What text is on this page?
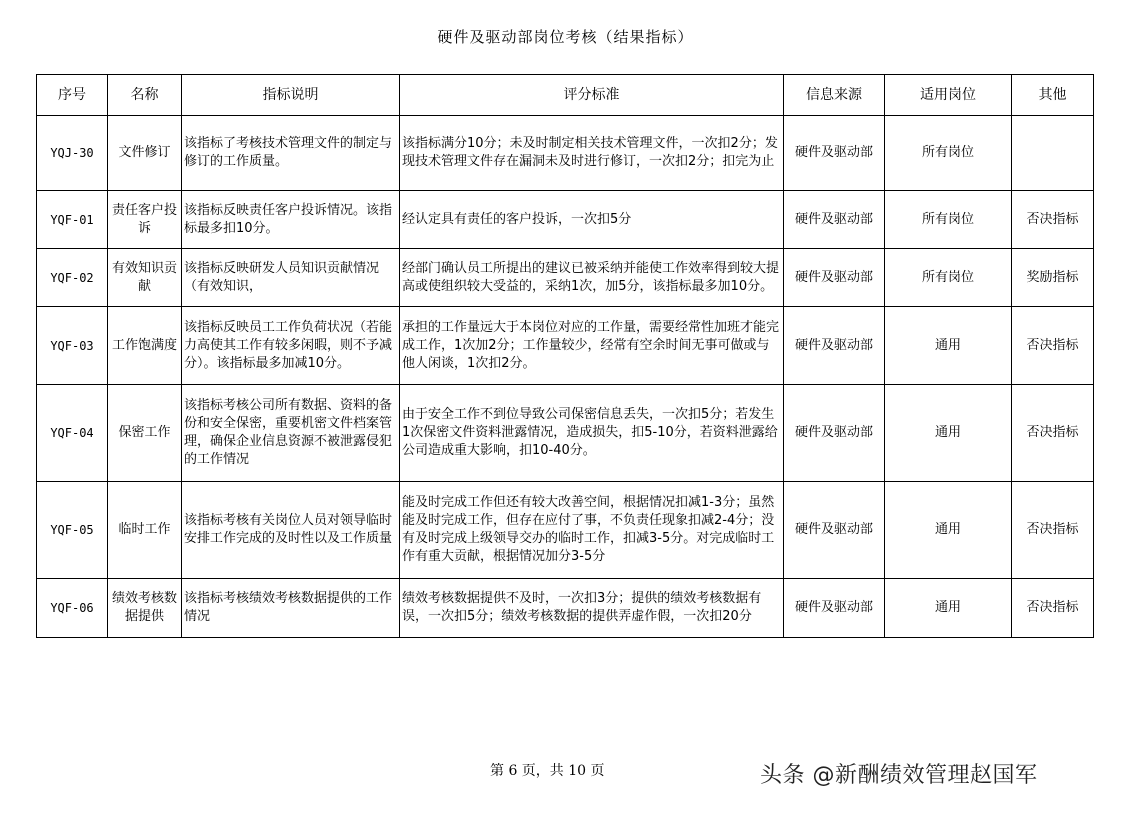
硬件及驱动部岗位考核（结果指标）
序号	名称	指标说明	评分标准	信息来源	适用岗位	其他
YQJ-30	文件修订	该指标了考核技术管理文件的制定与修订的工作质量。	该指标满分10分；未及时制定相关技术管理文件，一次扣2分；发现技术管理文件存在漏洞未及时进行修订，一次扣2分；扣完为止	硬件及驱动部	所有岗位	
YQF-01	责任客户投诉	该指标反映责任客户投诉情况。该指标最多扣10分。	经认定具有责任的客户投诉，一次扣5分	硬件及驱动部	所有岗位	否决指标
YQF-02	有效知识贡献	该指标反映研发人员知识贡献情况（有效知识，	经部门确认员工所提出的建议已被采纳并能使工作效率得到较大提高或使组织较大受益的，采纳1次，加5分，该指标最多加10分。	硬件及驱动部	所有岗位	奖励指标
YQF-03	工作饱满度	该指标反映员工工作负荷状况（若能力高使其工作有较多闲暇，则不予减分）。该指标最多加减10分。	承担的工作量远大于本岗位对应的工作量，需要经常性加班才能完成工作，1次加2分；工作量较少，经常有空余时间无事可做或与他人闲谈，1次扣2分。	硬件及驱动部	通用	否决指标
YQF-04	保密工作	该指标考核公司所有数据、资料的备份和安全保密，重要机密文件档案管理，确保企业信息资源不被泄露侵犯的工作情况	由于安全工作不到位导致公司保密信息丢失，一次扣5分；若发生1次保密文件资料泄露情况，造成损失，扣5-10分，若资料泄露给公司造成重大影响，扣10-40分。	硬件及驱动部	通用	否决指标
YQF-05	临时工作	该指标考核有关岗位人员对领导临时安排工作完成的及时性以及工作质量	能及时完成工作但还有较大改善空间，根据情况扣减1-3分；虽然能及时完成工作，但存在应付了事，不负责任现象扣减2-4分；没有及时完成上级领导交办的临时工作，扣减3-5分。对完成临时工作有重大贡献，根据情况加分3-5分	硬件及驱动部	通用	否决指标
YQF-06	绩效考核数据提供	该指标考核绩效考核数据提供的工作情况	绩效考核数据提供不及时，一次扣3分；提供的绩效考核数据有误，一次扣5分；绩效考核数据的提供弄虚作假，一次扣20分	硬件及驱动部	通用	否决指标
第 6 页，共 10 页	头条 @新酬绩效管理赵国军
